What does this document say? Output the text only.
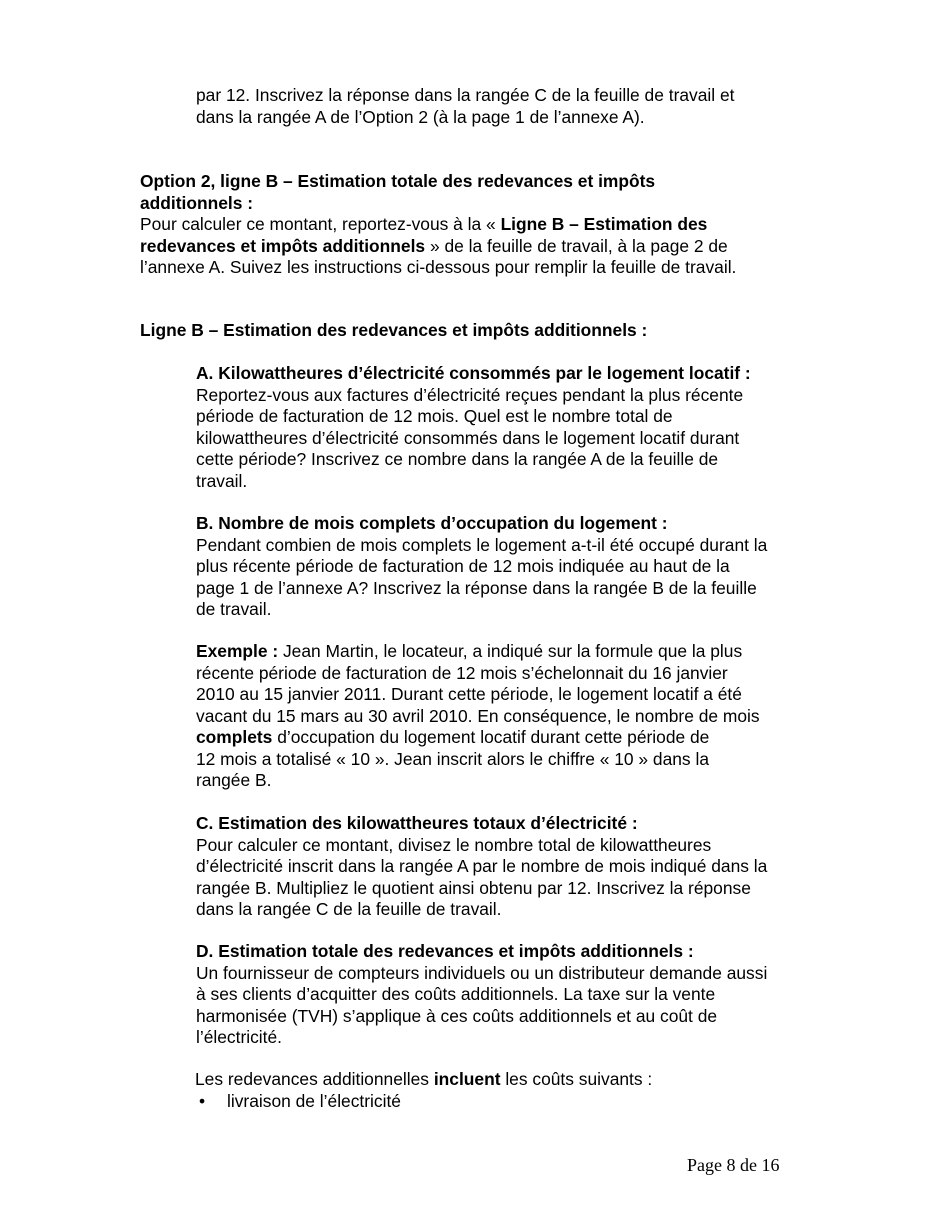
par 12. Inscrivez la réponse dans la rangée C de la feuille de travail et
dans la rangée A de l’Option 2 (à la page 1 de l’annexe A).
Option 2, ligne B – Estimation totale des redevances et impôts
additionnels :
Pour calculer ce montant, reportez-vous à la « Ligne B – Estimation des
redevances et impôts additionnels » de la feuille de travail, à la page 2 de
l’annexe A. Suivez les instructions ci-dessous pour remplir la feuille de travail.
Ligne B – Estimation des redevances et impôts additionnels :
A. Kilowattheures d’électricité consommés par le logement locatif :
Reportez-vous aux factures d’électricité reçues pendant la plus récente
période de facturation de 12 mois. Quel est le nombre total de
kilowattheures d’électricité consommés dans le logement locatif durant
cette période? Inscrivez ce nombre dans la rangée A de la feuille de
travail.
B. Nombre de mois complets d’occupation du logement :
Pendant combien de mois complets le logement a-t-il été occupé durant la
plus récente période de facturation de 12 mois indiquée au haut de la
page 1 de l’annexe A? Inscrivez la réponse dans la rangée B de la feuille
de travail.
Exemple : Jean Martin, le locateur, a indiqué sur la formule que la plus
récente période de facturation de 12 mois s’échelonnait du 16 janvier
2010 au 15 janvier 2011. Durant cette période, le logement locatif a été
vacant du 15 mars au 30 avril 2010. En conséquence, le nombre de mois
complets d’occupation du logement locatif durant cette période de
12 mois a totalisé « 10 ». Jean inscrit alors le chiffre « 10 » dans la
rangée B.
C. Estimation des kilowattheures totaux d’électricité :
Pour calculer ce montant, divisez le nombre total de kilowattheures
d’électricité inscrit dans la rangée A par le nombre de mois indiqué dans la
rangée B. Multipliez le quotient ainsi obtenu par 12. Inscrivez la réponse
dans la rangée C de la feuille de travail.
D. Estimation totale des redevances et impôts additionnels :
Un fournisseur de compteurs individuels ou un distributeur demande aussi
à ses clients d’acquitter des coûts additionnels. La taxe sur la vente
harmonisée (TVH) s’applique à ces coûts additionnels et au coût de
l’électricité.
Les redevances additionnelles incluent les coûts suivants :
• livraison de l’électricité
Page 8 de 16
